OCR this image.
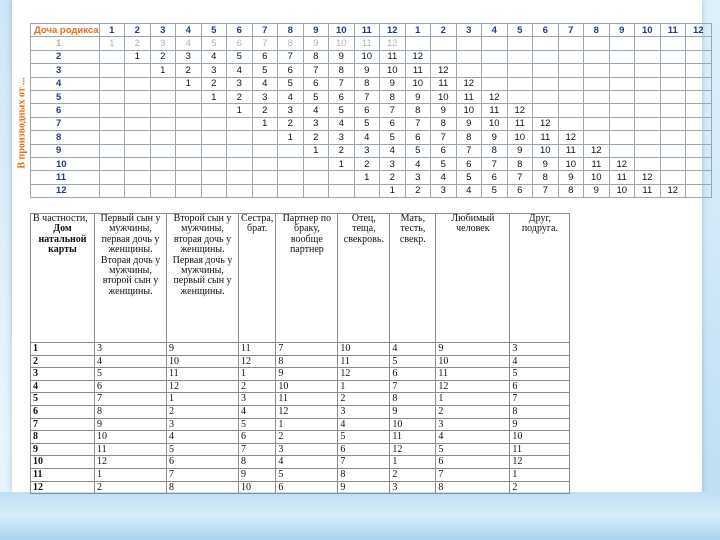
В производных от ...
Доча родикса	1	2	3	4	5	6	7	8	9	10	11	12	1	2	3	4	5	6	7	8	9	10	11	12
1	1	2	3	4	5	6	7	8	9	10	11	12												
2		1	2	3	4	5	6	7	8	9	10	11	12											
3			1	2	3	4	5	6	7	8	9	10	11	12										
4				1	2	3	4	5	6	7	8	9	10	11	12									
5					1	2	3	4	5	6	7	8	9	10	11	12								
6						1	2	3	4	5	6	7	8	9	10	11	12							
7							1	2	3	4	5	6	7	8	9	10	11	12						
8								1	2	3	4	5	6	7	8	9	10	11	12					
9									1	2	3	4	5	6	7	8	9	10	11	12				
10										1	2	3	4	5	6	7	8	9	10	11	12			
11											1	2	3	4	5	6	7	8	9	10	11	12		
12												1	2	3	4	5	6	7	8	9	10	11	12	
В частности,
Дом натальной карты	Первый сын у мужчины, первая дочь у женщины. Вторая дочь у мужчины, второй сын у женщины.	Второй сын у мужчины, вторая дочь у женщины. Первая дочь у мужчины, первый сын у женщины.	Сестра, брат.	Партнер по браку, вообще партнер	Отец, теща, свекровь.	Мать, тесть, свекр.	Любимый человек	Друг, подруга.
1	3	9	11	7	10	4	9	3
2	4	10	12	8	11	5	10	4
3	5	11	1	9	12	6	11	5
4	6	12	2	10	1	7	12	6
5	7	1	3	11	2	8	1	7
6	8	2	4	12	3	9	2	8
7	9	3	5	1	4	10	3	9
8	10	4	6	2	5	11	4	10
9	11	5	7	3	6	12	5	11
10	12	6	8	4	7	1	6	12
11	1	7	9	5	8	2	7	1
12	2	8	10	6	9	3	8	2
